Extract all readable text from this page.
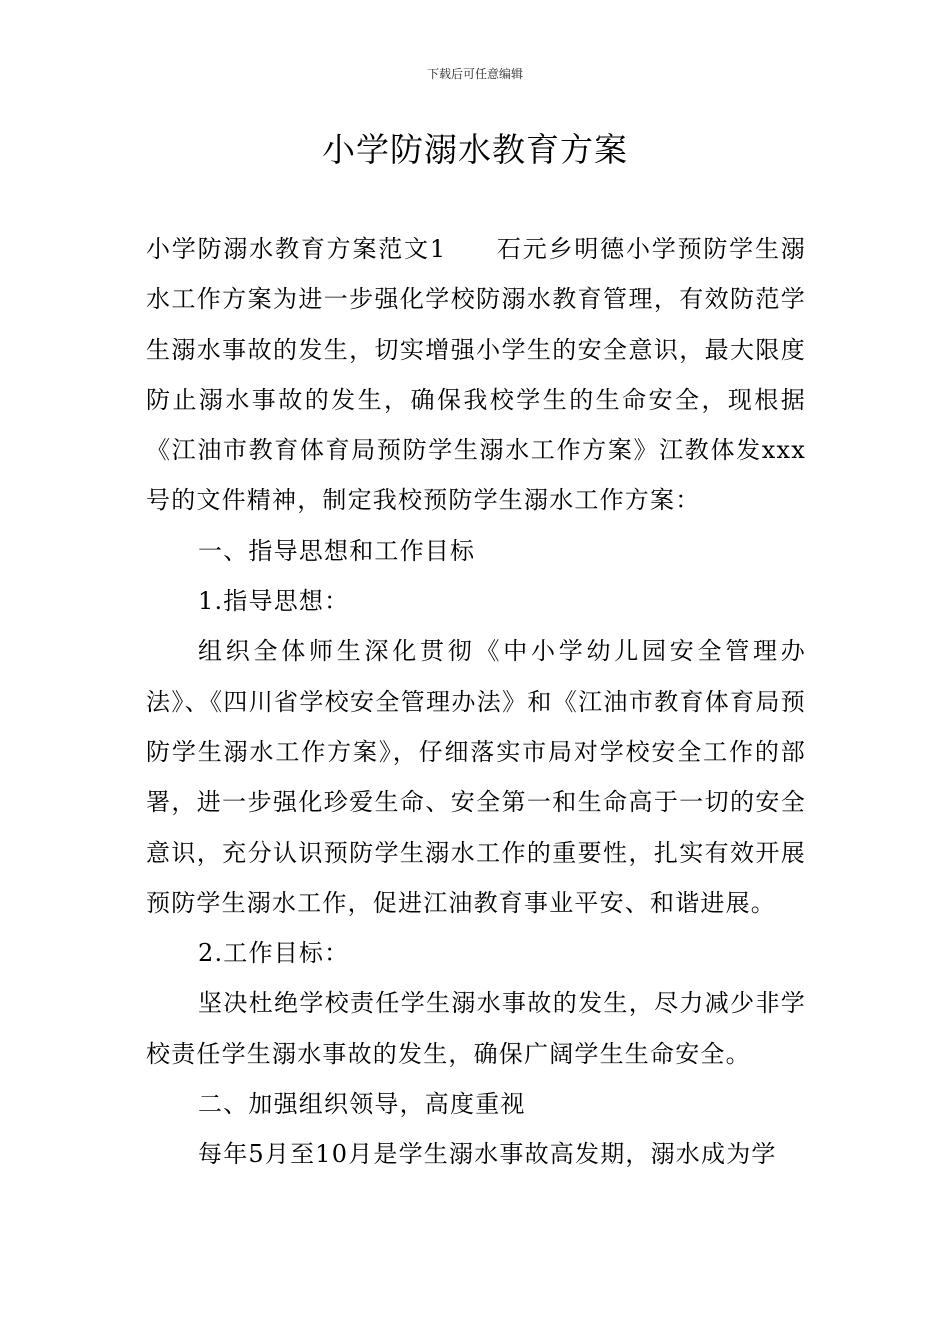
下载后可任意编辑
小学防溺水教育方案

小学防溺水教育方案范文1 石元乡明德小学预防学生溺水工作方案为进一步强化学校防溺水教育管理，有效防范学生溺水事故的发生，切实增强小学生的安全意识，最大限度防止溺水事故的发生，确保我校学生的生命安全，现根据《江油市教育体育局预防学生溺水工作方案》江教体发xxx号的文件精神，制定我校预防学生溺水工作方案：

一、指导思想和工作目标

1.指导思想：

组织全体师生深化贯彻《中小学幼儿园安全管理办法》、《四川省学校安全管理办法》和《江油市教育体育局预防学生溺水工作方案》，仔细落实市局对学校安全工作的部署，进一步强化珍爱生命、安全第一和生命高于一切的安全意识，充分认识预防学生溺水工作的重要性，扎实有效开展预防学生溺水工作，促进江油教育事业平安、和谐进展。

2.工作目标：

坚决杜绝学校责任学生溺水事故的发生，尽力减少非学校责任学生溺水事故的发生，确保广阔学生生命安全。

二、加强组织领导，高度重视

每年5月至10月是学生溺水事故高发期，溺水成为学
